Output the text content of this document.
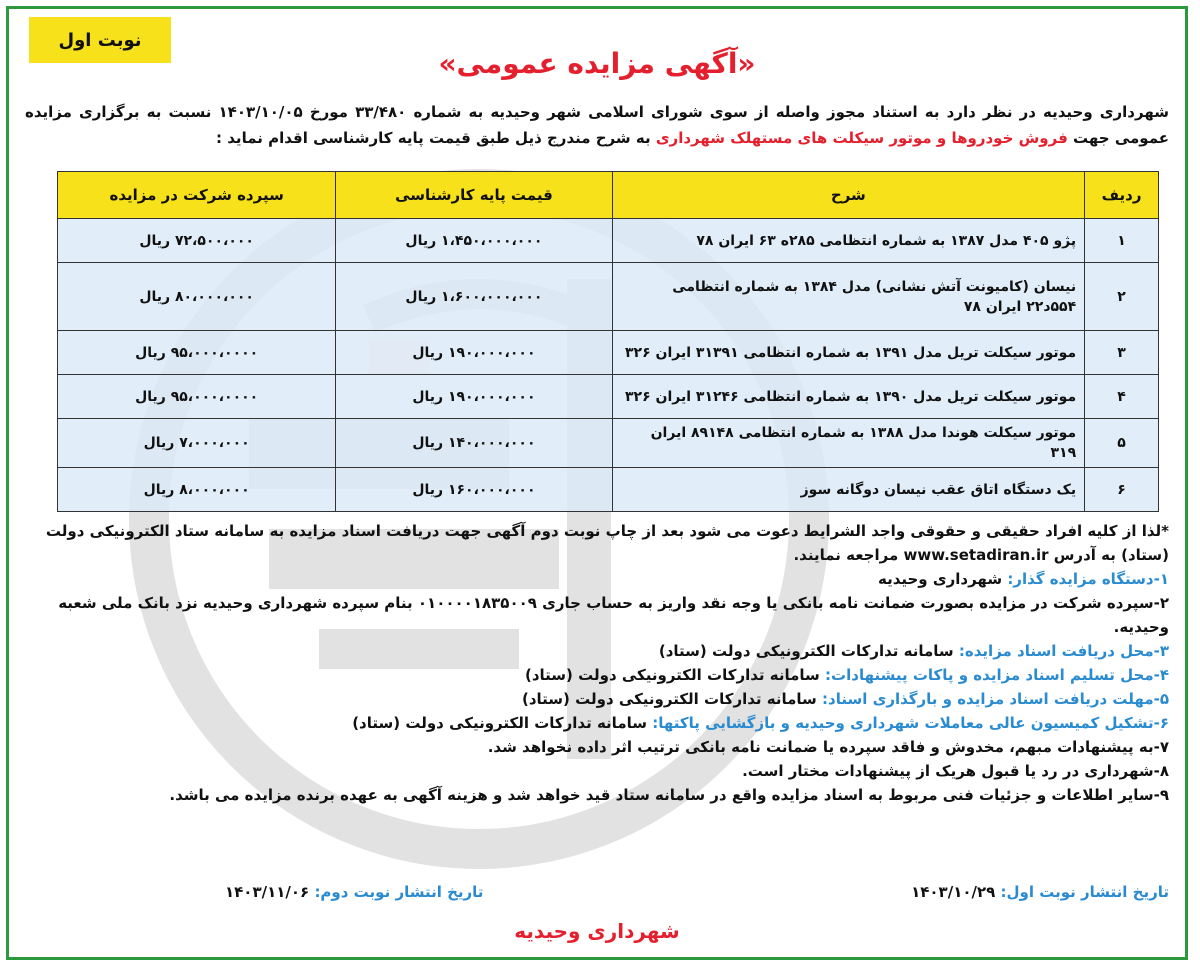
نوبت اول
«آگهی مزایده عمومی»
شهرداری وحیدیه در نظر دارد به استناد مجوز واصله از سوی شورای اسلامی شهر وحیدیه به شماره ۳۳/۴۸۰ مورخ ۱۴۰۳/۱۰/۰۵ نسبت به برگزاری مزایده عمومی جهت فروش خودروها و موتور سیکلت های مستهلک شهرداری به شرح مندرج ذیل طبق قیمت پایه کارشناسی اقدام نماید :
ردیف	شرح	قیمت پایه کارشناسی	سپرده شرکت در مزایده
۱	پژو ۴۰۵ مدل ۱۳۸۷ به شماره انتظامی ۲۸۵ه ۶۳ ایران ۷۸	۱،۴۵۰،۰۰۰،۰۰۰ ریال	۷۲،۵۰۰،۰۰۰ ریال
۲	نیسان (کامیونت آتش نشانی) مدل ۱۳۸۴ به شماره انتظامی ۵۵۴د۲۲ ایران ۷۸	۱،۶۰۰،۰۰۰،۰۰۰ ریال	۸۰،۰۰۰،۰۰۰ ریال
۳	موتور سیکلت تریل مدل ۱۳۹۱ به شماره انتظامی ۳۱۳۹۱ ایران ۳۲۶	۱۹۰،۰۰۰،۰۰۰ ریال	۹۵،۰۰۰،۰۰۰۰ ریال
۴	موتور سیکلت تریل مدل ۱۳۹۰ به شماره انتظامی ۳۱۲۴۶ ایران ۳۲۶	۱۹۰،۰۰۰،۰۰۰ ریال	۹۵،۰۰۰،۰۰۰۰ ریال
۵	موتور سیکلت هوندا مدل ۱۳۸۸ به شماره انتظامی ۸۹۱۴۸ ایران ۳۱۹	۱۴۰،۰۰۰،۰۰۰ ریال	۷،۰۰۰،۰۰۰ ریال
۶	یک دستگاه اتاق عقب نیسان دوگانه سوز	۱۶۰،۰۰۰،۰۰۰ ریال	۸،۰۰۰،۰۰۰ ریال

*لذا از کلیه افراد حقیقی و حقوقی واجد الشرایط دعوت می شود بعد از چاپ نوبت دوم آگهی جهت دریافت اسناد مزایده به سامانه ستاد الکترونیکی دولت (ستاد) به آدرس www.setadiran.ir مراجعه نمایند.

۱-دستگاه مزایده گذار: شهرداری وحیدیه

۲-سپرده شرکت در مزایده بصورت ضمانت نامه بانکی یا وجه نقد واریز به حساب جاری ۰۱۰۰۰۰۱۸۳۵۰۰۹ بنام سپرده شهرداری وحیدیه نزد بانک ملی شعبه وحیدیه.

۳-محل دریافت اسناد مزایده: سامانه تدارکات الکترونیکی دولت (ستاد)

۴-محل تسلیم اسناد مزایده و پاکات پیشنهادات: سامانه تدارکات الکترونیکی دولت (ستاد)

۵-مهلت دریافت اسناد مزایده و بارگذاری اسناد: سامانه تدارکات الکترونیکی دولت (ستاد)

۶-تشکیل کمیسیون عالی معاملات شهرداری وحیدیه و بازگشایی پاکتها: سامانه تدارکات الکترونیکی دولت (ستاد)

۷-به پیشنهادات مبهم، مخدوش و فاقد سپرده یا ضمانت نامه بانکی ترتیب اثر داده نخواهد شد.

۸-شهرداری در رد یا قبول هریک از پیشنهادات مختار است.

۹-سایر اطلاعات و جزئیات فنی مربوط به اسناد مزایده واقع در سامانه ستاد قید خواهد شد و هزینه آگهی به عهده برنده مزایده می باشد.

تاریخ انتشار نوبت اول: ۱۴۰۳/۱۰/۲۹
تاریخ انتشار نوبت دوم: ۱۴۰۳/۱۱/۰۶
شهرداری وحیدیه
